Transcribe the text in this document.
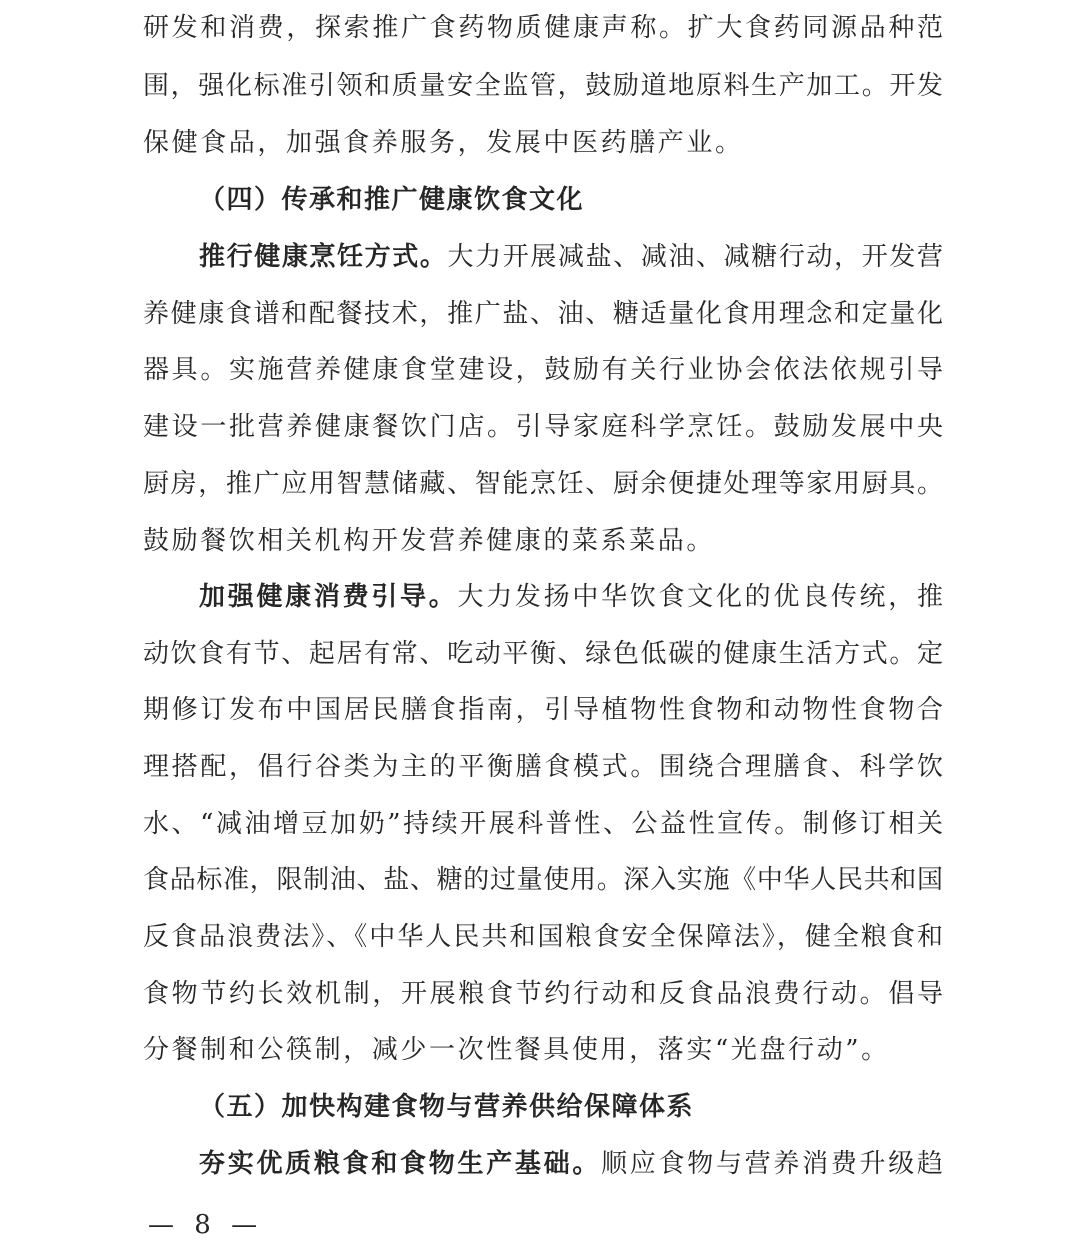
研发和消费，探索推广食药物质健康声称。扩大食药同源品种范
围，强化标准引领和质量安全监管，鼓励道地原料生产加工。开发
保健食品，加强食养服务，发展中医药膳产业。
（四）传承和推广健康饮食文化
推行健康烹饪方式。大力开展减盐、减油、减糖行动，开发营
养健康食谱和配餐技术，推广盐、油、糖适量化食用理念和定量化
器具。实施营养健康食堂建设，鼓励有关行业协会依法依规引导
建设一批营养健康餐饮门店。引导家庭科学烹饪。鼓励发展中央
厨房，推广应用智慧储藏、智能烹饪、厨余便捷处理等家用厨具。
鼓励餐饮相关机构开发营养健康的菜系菜品。
加强健康消费引导。大力发扬中华饮食文化的优良传统，推
动饮食有节、起居有常、吃动平衡、绿色低碳的健康生活方式。定
期修订发布中国居民膳食指南，引导植物性食物和动物性食物合
理搭配，倡行谷类为主的平衡膳食模式。围绕合理膳食、科学饮
水、“减油增豆加奶”持续开展科普性、公益性宣传。制修订相关
食品标准，限制油、盐、糖的过量使用。深入实施《中华人民共和国
反食品浪费法》、《中华人民共和国粮食安全保障法》，健全粮食和
食物节约长效机制，开展粮食节约行动和反食品浪费行动。倡导
分餐制和公筷制，减少一次性餐具使用，落实“光盘行动”。
（五）加快构建食物与营养供给保障体系
夯实优质粮食和食物生产基础。顺应食物与营养消费升级趋
— 8 —
